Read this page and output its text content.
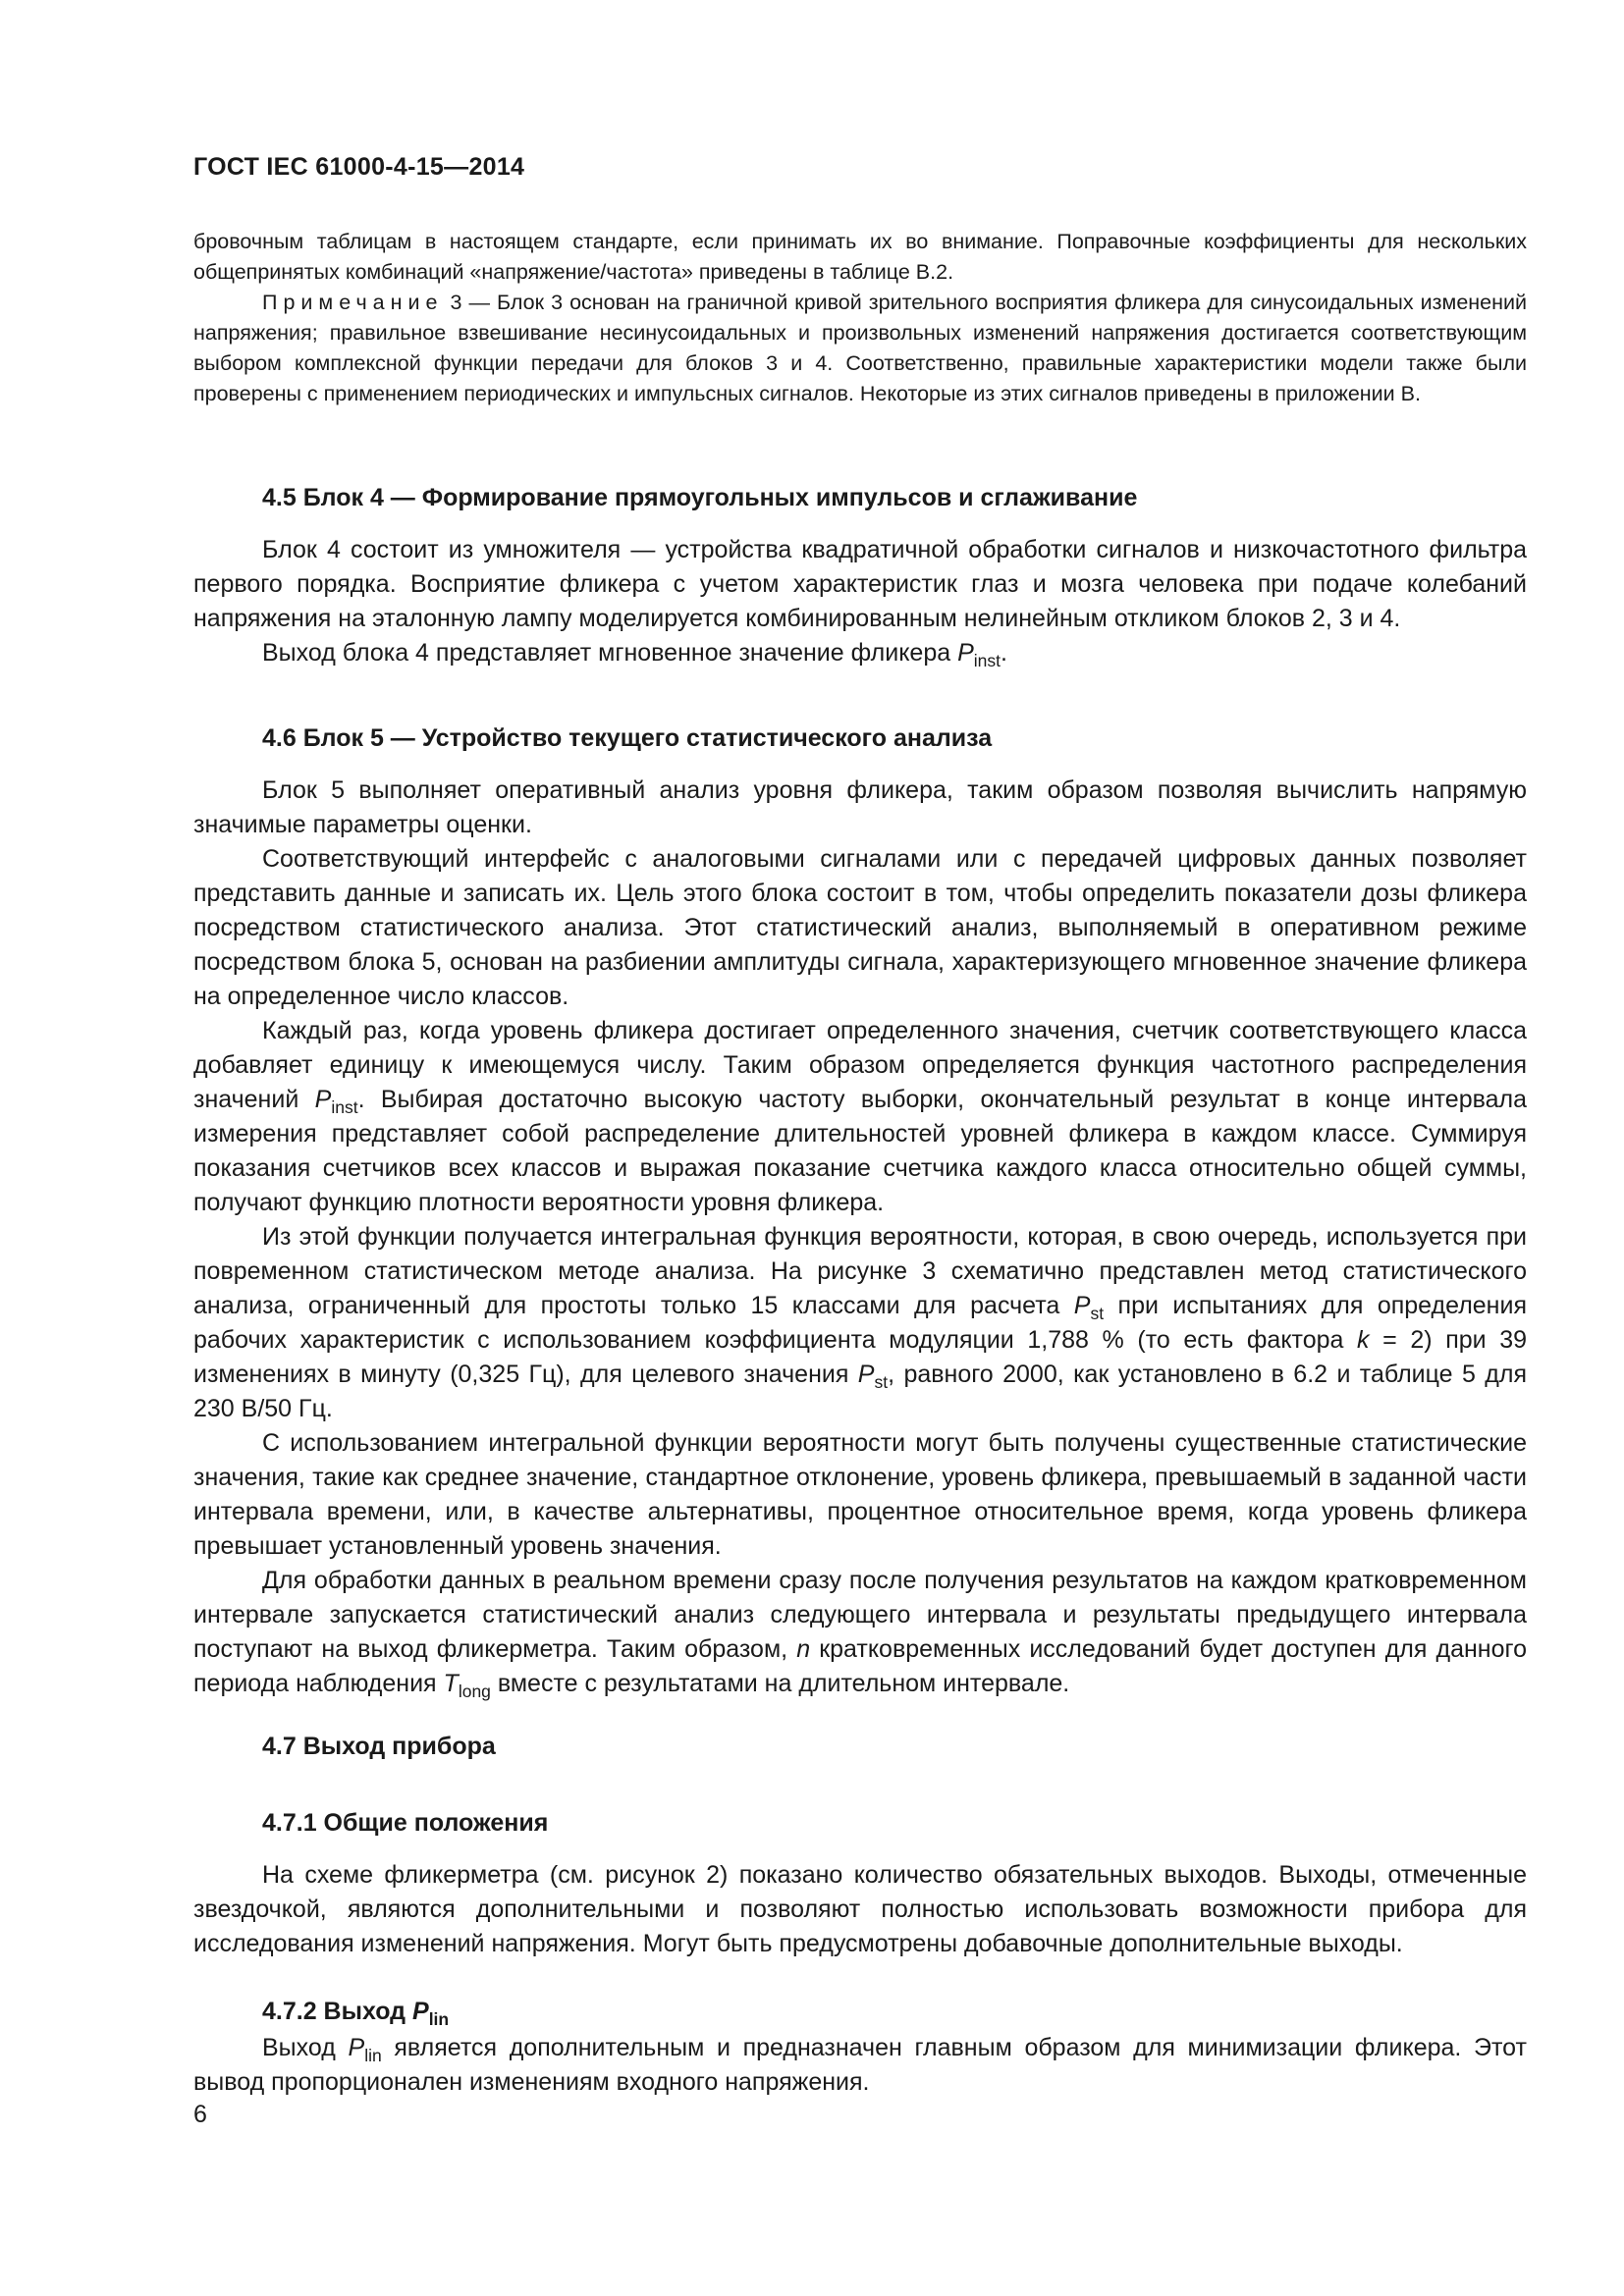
ГОСТ IEC 61000-4-15—2014

бровочным таблицам в настоящем стандарте, если принимать их во внимание. Поправочные коэффициенты для нескольких общепринятых комбинаций «напряжение/частота» приведены в таблице В.2.

Примечание 3 — Блок 3 основан на граничной кривой зрительного восприятия фликера для синусоидальных изменений напряжения; правильное взвешивание несинусоидальных и произвольных изменений напряжения достигается соответствующим выбором комплексной функции передачи для блоков 3 и 4. Соответственно, правильные характеристики модели также были проверены с применением периодических и импульсных сигналов. Некоторые из этих сигналов приведены в приложении В.

4.5 Блок 4 — Формирование прямоугольных импульсов и сглаживание

Блок 4 состоит из умножителя — устройства квадратичной обработки сигналов и низкочастотного фильтра первого порядка. Восприятие фликера с учетом характеристик глаз и мозга человека при подаче колебаний напряжения на эталонную лампу моделируется комбинированным нелинейным откликом блоков 2, 3 и 4.

Выход блока 4 представляет мгновенное значение фликера $P_{inst}$.

4.6 Блок 5 — Устройство текущего статистического анализа

Блок 5 выполняет оперативный анализ уровня фликера, таким образом позволяя вычислить напрямую значимые параметры оценки.

Соответствующий интерфейс с аналоговыми сигналами или с передачей цифровых данных позволяет представить данные и записать их. Цель этого блока состоит в том, чтобы определить показатели дозы фликера посредством статистического анализа. Этот статистический анализ, выполняемый в оперативном режиме посредством блока 5, основан на разбиении амплитуды сигнала, характеризующего мгновенное значение фликера на определенное число классов.

Каждый раз, когда уровень фликера достигает определенного значения, счетчик соответствующего класса добавляет единицу к имеющемуся числу. Таким образом определяется функция частотного распределения значений $P_{inst}$. Выбирая достаточно высокую частоту выборки, окончательный результат в конце интервала измерения представляет собой распределение длительностей уровней фликера в каждом классе. Суммируя показания счетчиков всех классов и выражая показание счетчика каждого класса относительно общей суммы, получают функцию плотности вероятности уровня фликера.

Из этой функции получается интегральная функция вероятности, которая, в свою очередь, используется при повременном статистическом методе анализа. На рисунке 3 схематично представлен метод статистического анализа, ограниченный для простоты только 15 классами для расчета $P_{st}$ при испытаниях для определения рабочих характеристик с использованием коэффициента модуляции 1,788 % (то есть фактора k = 2) при 39 изменениях в минуту (0,325 Гц), для целевого значения $P_{st}$, равного 2000, как установлено в 6.2 и таблице 5 для 230 В/50 Гц.

С использованием интегральной функции вероятности могут быть получены существенные статистические значения, такие как среднее значение, стандартное отклонение, уровень фликера, превышаемый в заданной части интервала времени, или, в качестве альтернативы, процентное относительное время, когда уровень фликера превышает установленный уровень значения.

Для обработки данных в реальном времени сразу после получения результатов на каждом кратковременном интервале запускается статистический анализ следующего интервала и результаты предыдущего интервала поступают на выход фликерметра. Таким образом, n кратковременных исследований будет доступен для данного периода наблюдения $T_{long}$ вместе с результатами на длительном интервале.

4.7 Выход прибора
4.7.1 Общие положения

На схеме фликерметра (см. рисунок 2) показано количество обязательных выходов. Выходы, отмеченные звездочкой, являются дополнительными и позволяют полностью использовать возможности прибора для исследования изменений напряжения. Могут быть предусмотрены добавочные дополнительные выходы.

4.7.2 Выход $P_{lin}$

Выход $P_{lin}$ является дополнительным и предназначен главным образом для минимизации фликера. Этот вывод пропорционален изменениям входного напряжения.

6
